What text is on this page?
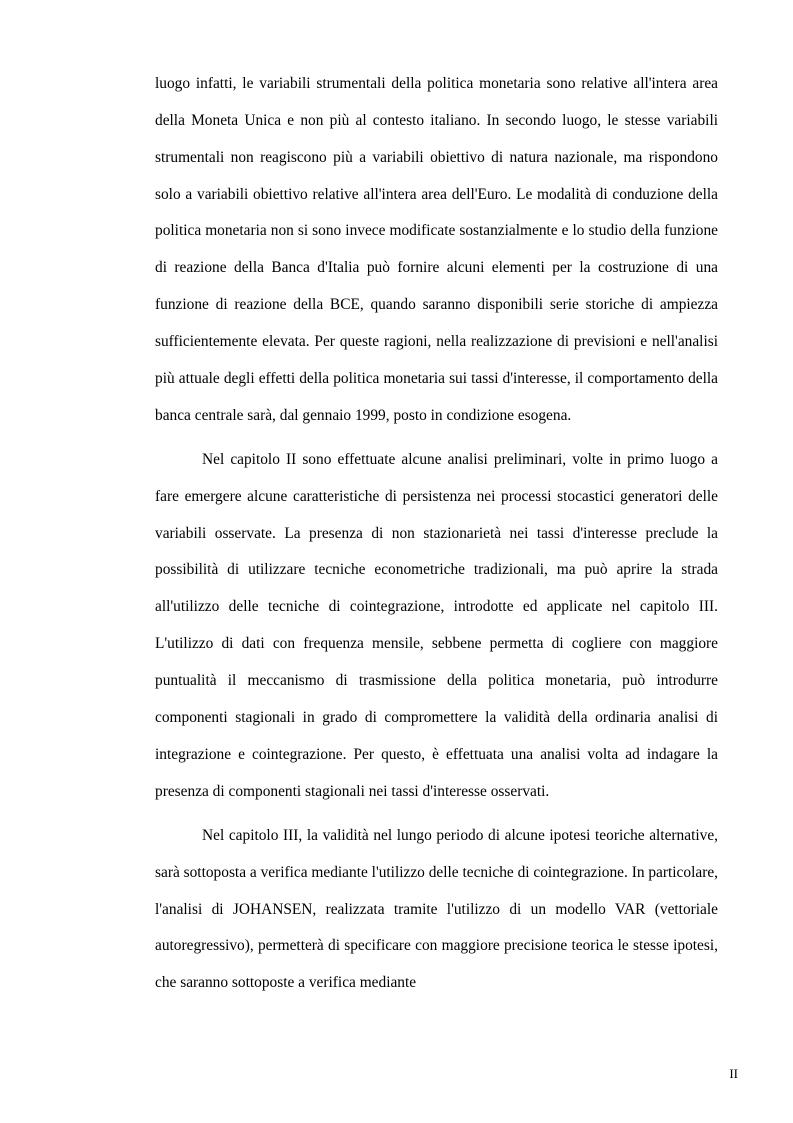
luogo infatti, le variabili strumentali della politica monetaria sono relative all'intera area della Moneta Unica e non più al contesto italiano. In secondo luogo, le stesse variabili strumentali non reagiscono più a variabili obiettivo di natura nazionale, ma rispondono solo a variabili obiettivo relative all'intera area dell'Euro. Le modalità di conduzione della politica monetaria non si sono invece modificate sostanzialmente e lo studio della funzione di reazione della Banca d'Italia può fornire alcuni elementi per la costruzione di una funzione di reazione della BCE, quando saranno disponibili serie storiche di ampiezza sufficientemente elevata. Per queste ragioni, nella realizzazione di previsioni e nell'analisi più attuale degli effetti della politica monetaria sui tassi d'interesse, il comportamento della banca centrale sarà, dal gennaio 1999, posto in condizione esogena.

Nel capitolo II sono effettuate alcune analisi preliminari, volte in primo luogo a fare emergere alcune caratteristiche di persistenza nei processi stocastici generatori delle variabili osservate. La presenza di non stazionarietà nei tassi d'interesse preclude la possibilità di utilizzare tecniche econometriche tradizionali, ma può aprire la strada all'utilizzo delle tecniche di cointegrazione, introdotte ed applicate nel capitolo III. L'utilizzo di dati con frequenza mensile, sebbene permetta di cogliere con maggiore puntualità il meccanismo di trasmissione della politica monetaria, può introdurre componenti stagionali in grado di compromettere la validità della ordinaria analisi di integrazione e cointegrazione. Per questo, è effettuata una analisi volta ad indagare la presenza di componenti stagionali nei tassi d'interesse osservati.

Nel capitolo III, la validità nel lungo periodo di alcune ipotesi teoriche alternative, sarà sottoposta a verifica mediante l'utilizzo delle tecniche di cointegrazione. In particolare, l'analisi di JOHANSEN, realizzata tramite l'utilizzo di un modello VAR (vettoriale autoregressivo), permetterà di specificare con maggiore precisione teorica le stesse ipotesi, che saranno sottoposte a verifica mediante

II
